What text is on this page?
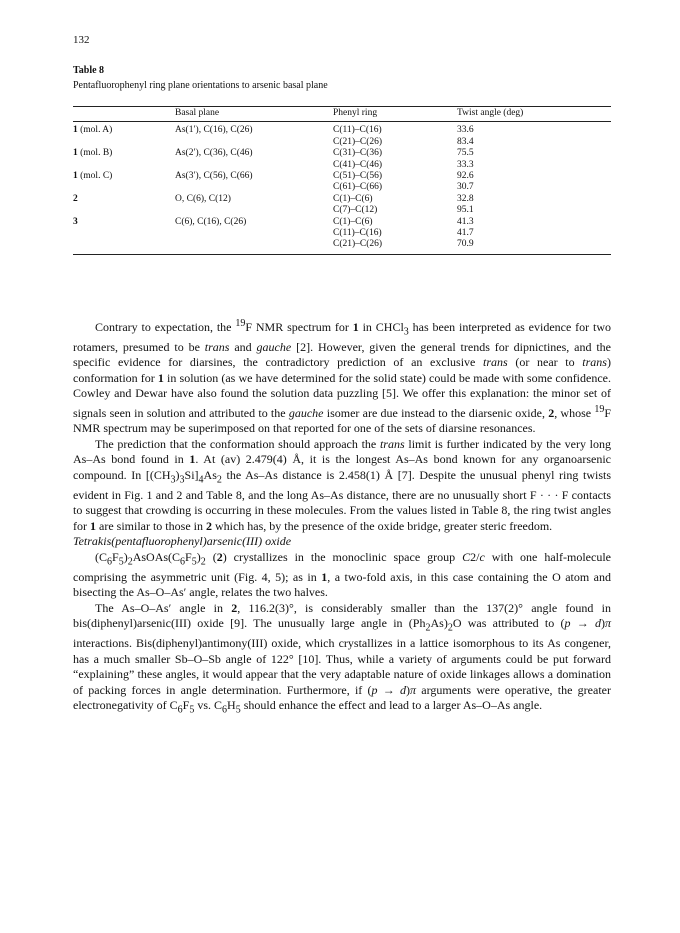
132
Table 8
Pentafluorophenyl ring plane orientations to arsenic basal plane
	Basal plane	Phenyl ring	Twist angle (deg)
1 (mol. A)	As(1′), C(16), C(26)	C(11)–C(16)	33.6
		C(21)–C(26)	83.4
1 (mol. B)	As(2′), C(36), C(46)	C(31)–C(36)	75.5
		C(41)–C(46)	33.3
1 (mol. C)	As(3′), C(56), C(66)	C(51)–C(56)	92.6
		C(61)–C(66)	30.7
2	O, C(6), C(12)	C(1)–C(6)	32.8
		C(7)–C(12)	95.1
3	C(6), C(16), C(26)	C(1)–C(6)	41.3
		C(11)–C(16)	41.7
		C(21)–C(26)	70.9

Contrary to expectation, the $^{19}$F NMR spectrum for 1 in CHCl$_3$ has been interpreted as evidence for two rotamers, presumed to be trans and gauche [2]. However, given the general trends for dipnictines, and the specific evidence for diarsines, the contradictory prediction of an exclusive trans (or near to trans) conformation for 1 in solution (as we have determined for the solid state) could be made with some confidence. Cowley and Dewar have also found the solution data puzzling [5]. We offer this explanation: the minor set of signals seen in solution and attributed to the gauche isomer are due instead to the diarsenic oxide, 2, whose $^{19}$F NMR spectrum may be superimposed on that reported for one of the sets of diarsine resonances.

The prediction that the conformation should approach the trans limit is further indicated by the very long As–As bond found in 1. At (av) 2.479(4) Å, it is the longest As–As bond known for any organoarsenic compound. In $[(CH_3)_3Si]_4As_2$ the As–As distance is 2.458(1) Å [7]. Despite the unusual phenyl ring twists evident in Fig. 1 and 2 and Table 8, and the long As–As distance, there are no unusually short F · · · F contacts to suggest that crowding is occurring in these molecules. From the values listed in Table 8, the ring twist angles for 1 are similar to those in 2 which has, by the presence of the oxide bridge, greater steric freedom.

Tetrakis(pentafluorophenyl)arsenic(III) oxide

$(C_6F_5)_2AsOAs(C_6F_5)_2$ (2) crystallizes in the monoclinic space group C2/c with one half-molecule comprising the asymmetric unit (Fig. 4, 5); as in 1, a two-fold axis, in this case containing the O atom and bisecting the As–O–As′ angle, relates the two halves.

The As–O–As′ angle in 2, 116.2(3)°, is considerably smaller than the 137(2)° angle found in bis(diphenyl)arsenic(III) oxide [9]. The unusually large angle in $(Ph_2As)_2O$ was attributed to (p → d)π interactions. Bis(diphenyl)antimony(III) oxide, which crystallizes in a lattice isomorphous to its As congener, has a much smaller Sb–O–Sb angle of 122° [10]. Thus, while a variety of arguments could be put forward “explaining” these angles, it would appear that the very adaptable nature of oxide linkages allows a domination of packing forces in angle determination. Furthermore, if (p → d)π arguments were operative, the greater electronegativity of $C_6F_5$ vs. $C_6H_5$ should enhance the effect and lead to a larger As–O–As angle.
